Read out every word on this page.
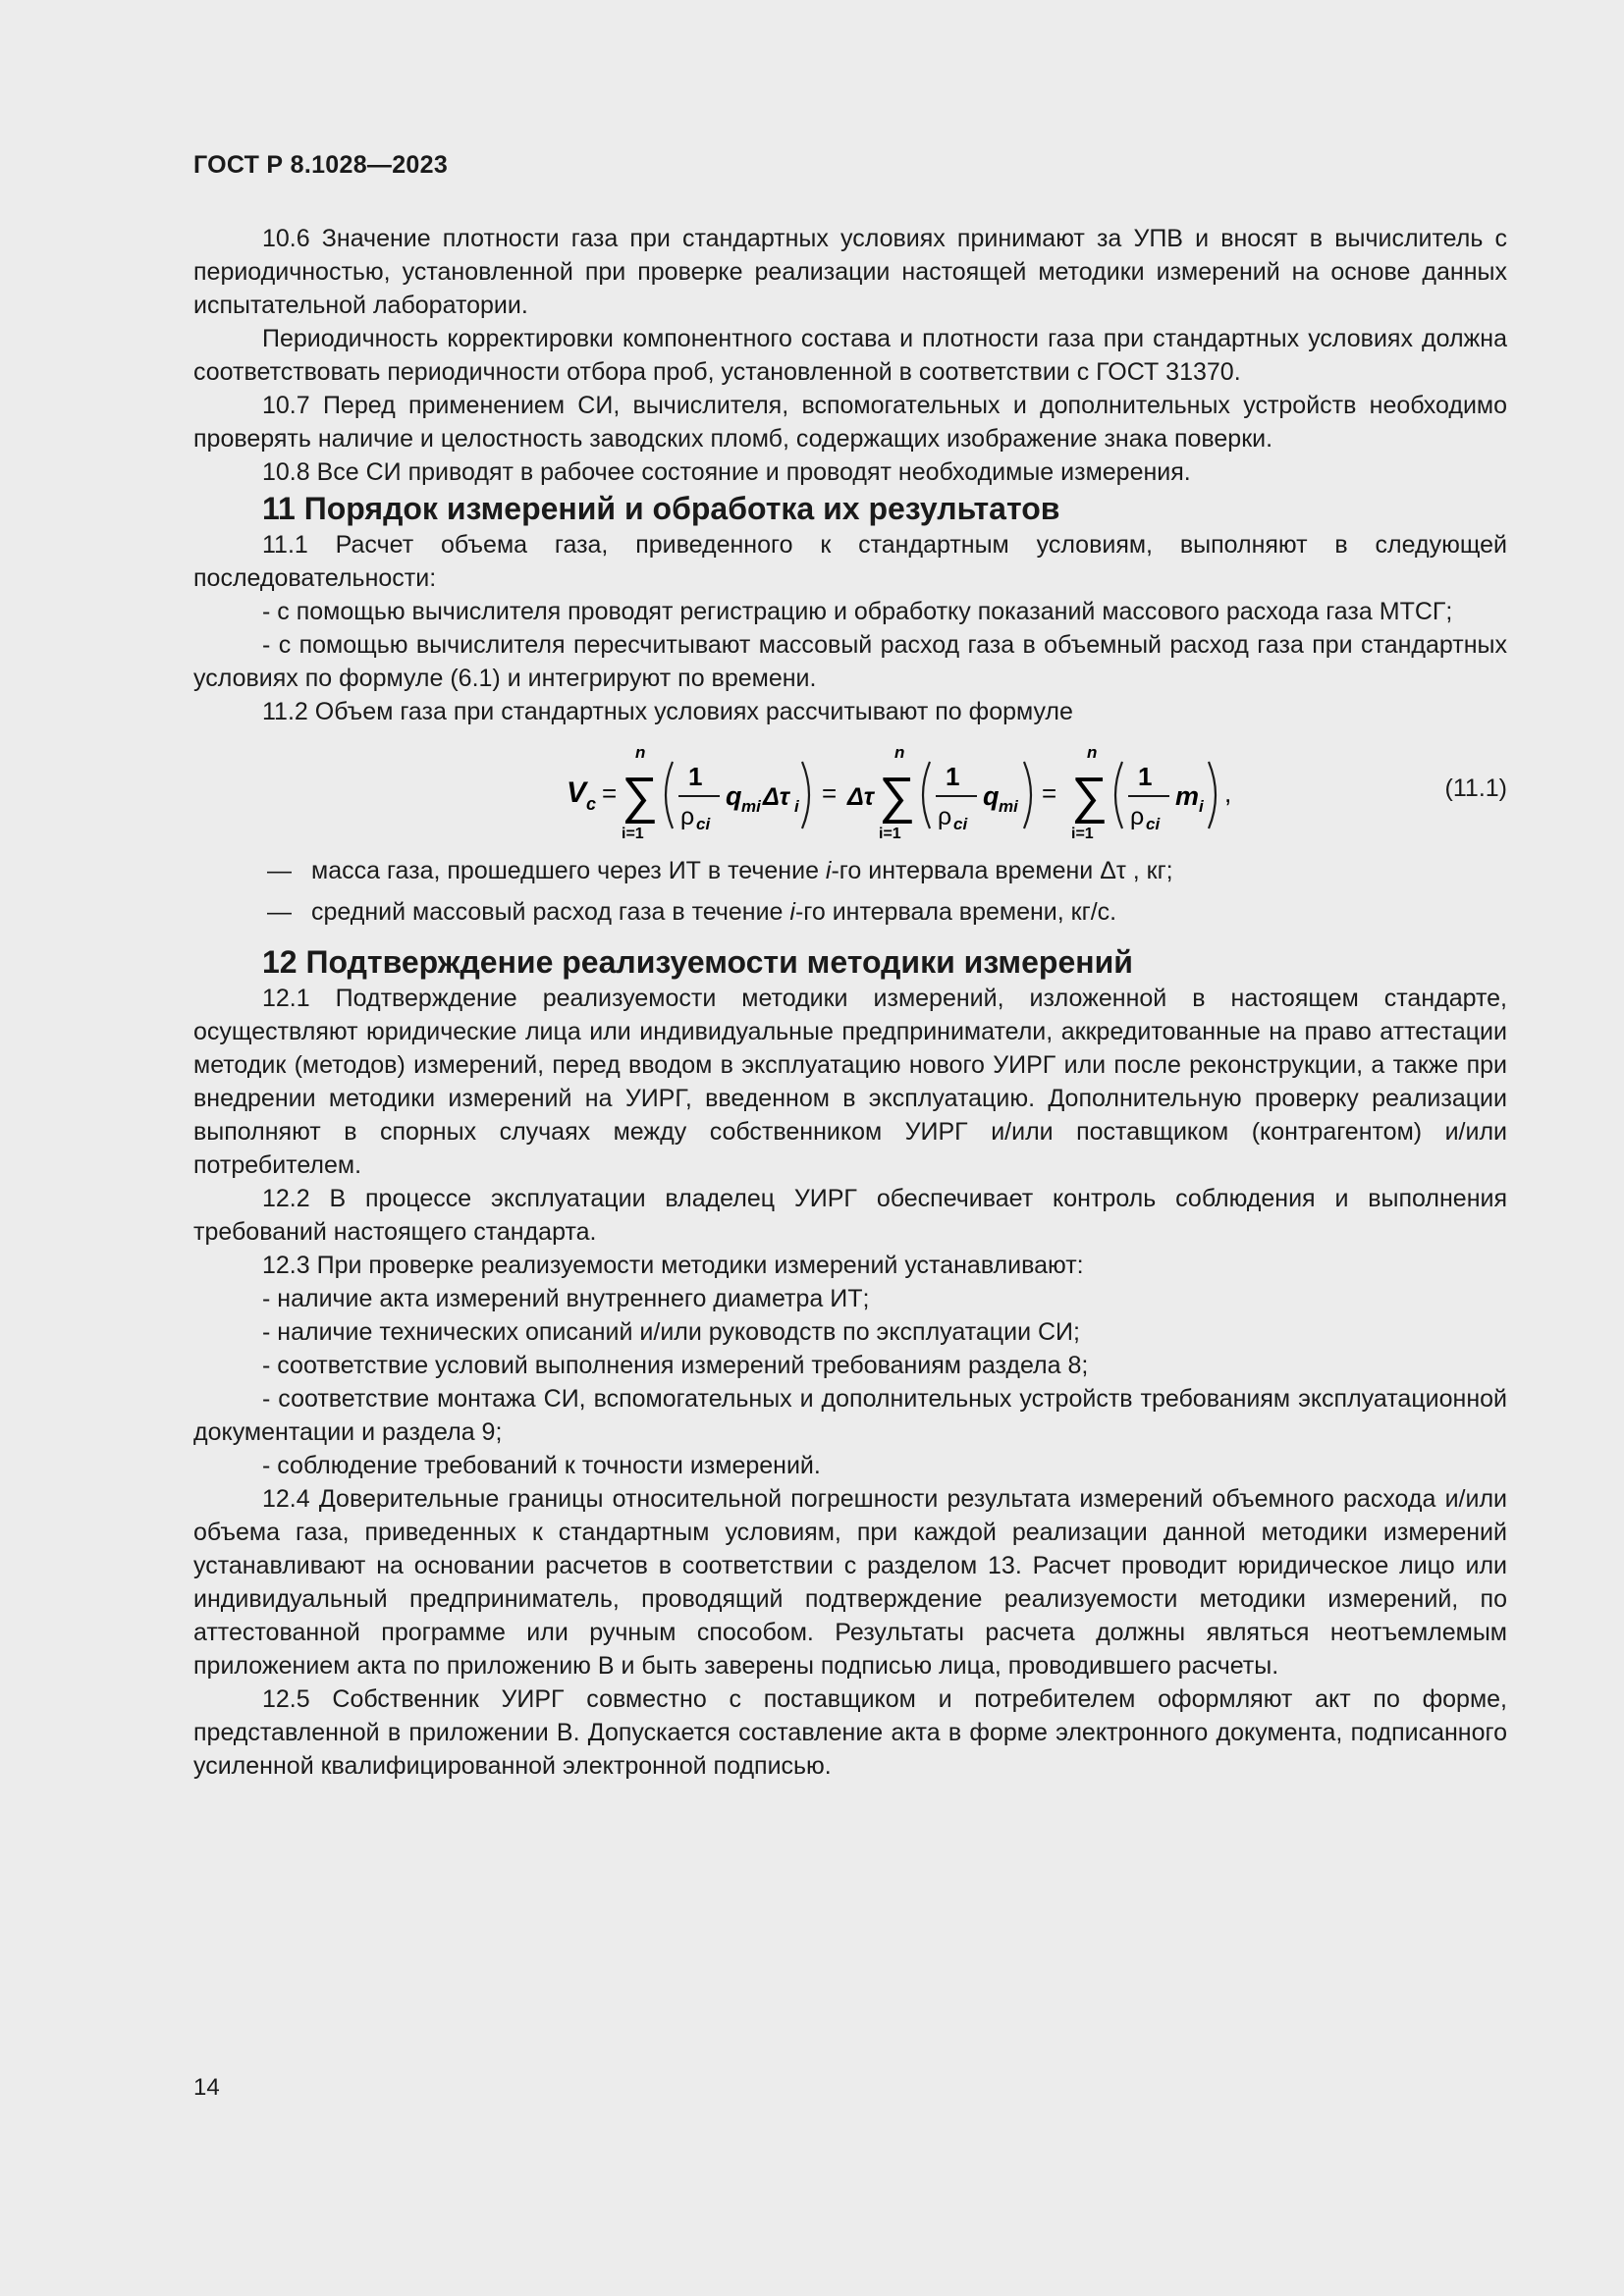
ГОСТ Р 8.1028—2023

10.6 Значение плотности газа при стандартных условиях принимают за УПВ и вносят в вычислитель с периодичностью, установленной при проверке реализации настоящей методики измерений на основе данных испытательной лаборатории.

Периодичность корректировки компонентного состава и плотности газа при стандартных условиях должна соответствовать периодичности отбора проб, установленной в соответствии с ГОСТ 31370.

10.7 Перед применением СИ, вычислителя, вспомогательных и дополнительных устройств необходимо проверять наличие и целостность заводских пломб, содержащих изображение знака поверки.

10.8 Все СИ приводят в рабочее состояние и проводят необходимые измерения.

11 Порядок измерений и обработка их результатов

11.1 Расчет объема газа, приведенного к стандартным условиям, выполняют в следующей последовательности:

- с помощью вычислителя проводят регистрацию и обработку показаний массового расхода газа МТСГ;

- с помощью вычислителя пересчитывают массовый расход газа в объемный расход газа при стандартных условиях по формуле (6.1) и интегрируют по времени.

11.2 Объем газа при стандартных условиях рассчитывают по формуле

V c =
n
∑
i=1
1
ρ ci
q mi Δτ i = Δτ
n
∑
i=1
1
ρ ci
q mi =
n
∑
i=1
1
ρ ci
m i ,	(11.1)
— масса газа, прошедшего через ИТ в течение i-го интервала времени Δτ , кг;
— средний массовый расход газа в течение i-го интервала времени, кг/с.
12 Подтверждение реализуемости методики измерений

12.1 Подтверждение реализуемости методики измерений, изложенной в настоящем стандарте, осуществляют юридические лица или индивидуальные предприниматели, аккредитованные на право аттестации методик (методов) измерений, перед вводом в эксплуатацию нового УИРГ или после реконструкции, а также при внедрении методики измерений на УИРГ, введенном в эксплуатацию. Дополнительную проверку реализации выполняют в спорных случаях между собственником УИРГ и/или поставщиком (контрагентом) и/или потребителем.

12.2 В процессе эксплуатации владелец УИРГ обеспечивает контроль соблюдения и выполнения требований настоящего стандарта.

12.3 При проверке реализуемости методики измерений устанавливают:

- наличие акта измерений внутреннего диаметра ИТ;

- наличие технических описаний и/или руководств по эксплуатации СИ;

- соответствие условий выполнения измерений требованиям раздела 8;

- соответствие монтажа СИ, вспомогательных и дополнительных устройств требованиям эксплуатационной документации и раздела 9;

- соблюдение требований к точности измерений.

12.4 Доверительные границы относительной погрешности результата измерений объемного расхода и/или объема газа, приведенных к стандартным условиям, при каждой реализации данной методики измерений устанавливают на основании расчетов в соответствии с разделом 13. Расчет проводит юридическое лицо или индивидуальный предприниматель, проводящий подтверждение реализуемости методики измерений, по аттестованной программе или ручным способом. Результаты расчета должны являться неотъемлемым приложением акта по приложению В и быть заверены подписью лица, проводившего расчеты.

12.5 Собственник УИРГ совместно с поставщиком и потребителем оформляют акт по форме, представленной в приложении В. Допускается составление акта в форме электронного документа, подписанного усиленной квалифицированной электронной подписью.

14
